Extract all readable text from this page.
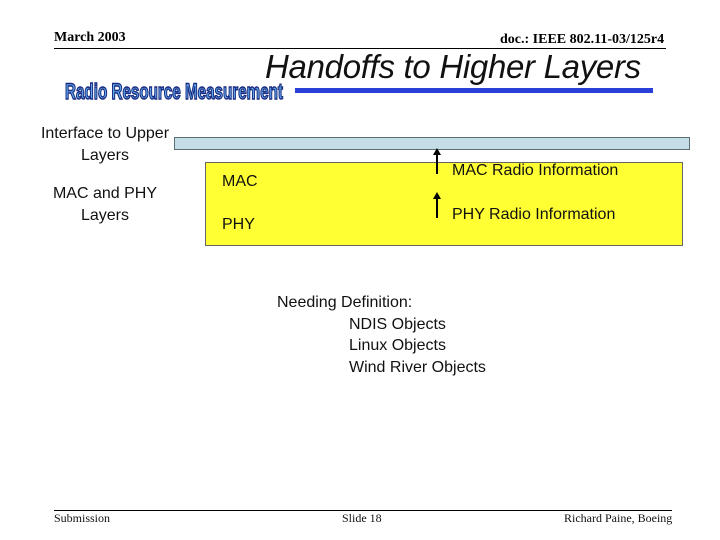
March 2003	doc.: IEEE 802.11-03/125r4
Radio Resource Measurement
Handoffs to Higher Layers
Interface to Upper Layers
MAC and PHY Layers
MAC
PHY
MAC Radio Information
PHY Radio Information
Needing Definition:
NDIS Objects
Linux Objects
Wind River Objects
Submission	Slide 18	Richard Paine, Boeing
